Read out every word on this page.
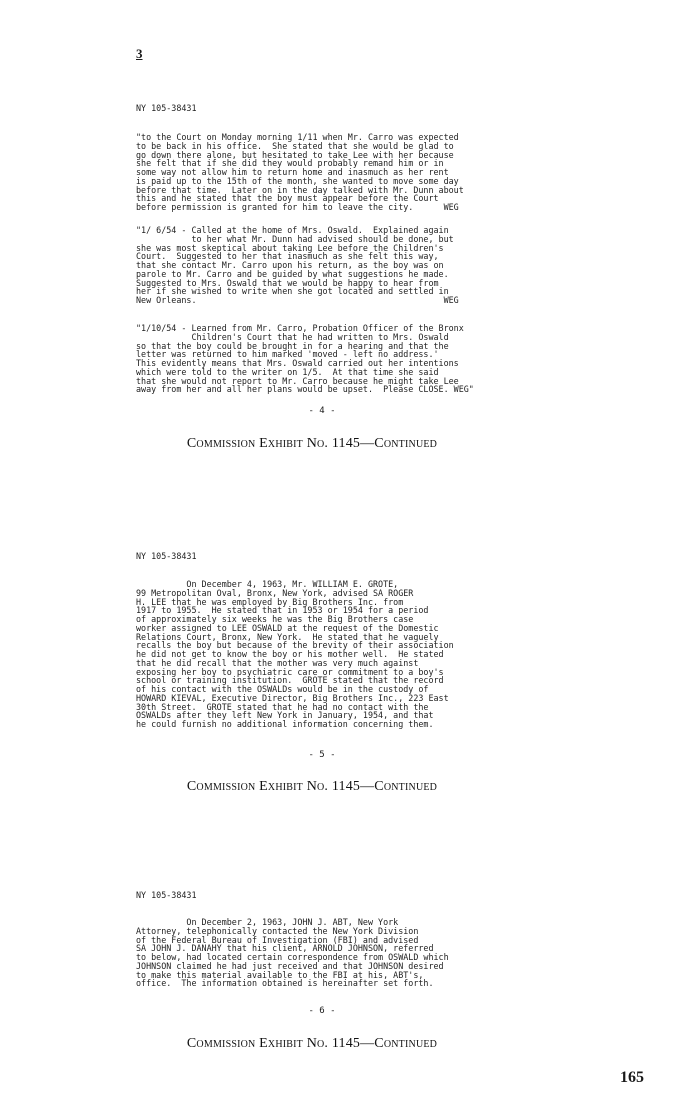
3
NY 105-38431
"to the Court on Monday morning 1/11 when Mr. Carro was expected
to be back in his office.  She stated that she would be glad to
go down there alone, but hesitated to take Lee with her because
she felt that if she did they would probably remand him or in
some way not allow him to return home and inasmuch as her rent
is paid up to the 15th of the month, she wanted to move some day
before that time.  Later on in the day talked with Mr. Dunn about
this and he stated that the boy must appear before the Court
before permission is granted for him to leave the city.      WEG
"1/ 6/54 - Called at the home of Mrs. Oswald.  Explained again
to her what Mr. Dunn had advised should be done, but
she was most skeptical about taking Lee before the Children's
Court.  Suggested to her that inasmuch as she felt this way,
that she contact Mr. Carro upon his return, as the boy was on
parole to Mr. Carro and be guided by what suggestions he made.
Suggested to Mrs. Oswald that we would be happy to hear from
her if she wished to write when she got located and settled in
New Orleans.                                                 WEG
"1/10/54 - Learned from Mr. Carro, Probation Officer of the Bronx
Children's Court that he had written to Mrs. Oswald
so that the boy could be brought in for a hearing and that the
letter was returned to him marked 'moved - left no address.'
This evidently means that Mrs. Oswald carried out her intentions
which were told to the writer on 1/5.  At that time she said
that she would not report to Mr. Carro because he might take Lee
away from her and all her plans would be upset.  Please CLOSE. WEG"
- 4 -
Commission Exhibit No. 1145—Continued
NY 105-38431
On December 4, 1963, Mr. WILLIAM E. GROTE,
99 Metropolitan Oval, Bronx, New York, advised SA ROGER
H. LEE that he was employed by Big Brothers Inc. from
1917 to 1955.  He stated that in 1953 or 1954 for a period
of approximately six weeks he was the Big Brothers case
worker assigned to LEE OSWALD at the request of the Domestic
Relations Court, Bronx, New York.  He stated that he vaguely
recalls the boy but because of the brevity of their association
he did not get to know the boy or his mother well.  He stated
that he did recall that the mother was very much against
exposing her boy to psychiatric care or commitment to a boy's
school or training institution.  GROTE stated that the record
of his contact with the OSWALDs would be in the custody of
HOWARD KIEVAL, Executive Director, Big Brothers Inc., 223 East
30th Street.  GROTE stated that he had no contact with the
OSWALDs after they left New York in January, 1954, and that
he could furnish no additional information concerning them.
- 5 -
Commission Exhibit No. 1145—Continued
NY 105-38431
On December 2, 1963, JOHN J. ABT, New York
Attorney, telephonically contacted the New York Division
of the Federal Bureau of Investigation (FBI) and advised
SA JOHN J. DANAHY that his client, ARNOLD JOHNSON, referred
to below, had located certain correspondence from OSWALD which
JOHNSON claimed he had just received and that JOHNSON desired
to make this material available to the FBI at his, ABT's,
office.  The information obtained is hereinafter set forth.
- 6 -
Commission Exhibit No. 1145—Continued
165
